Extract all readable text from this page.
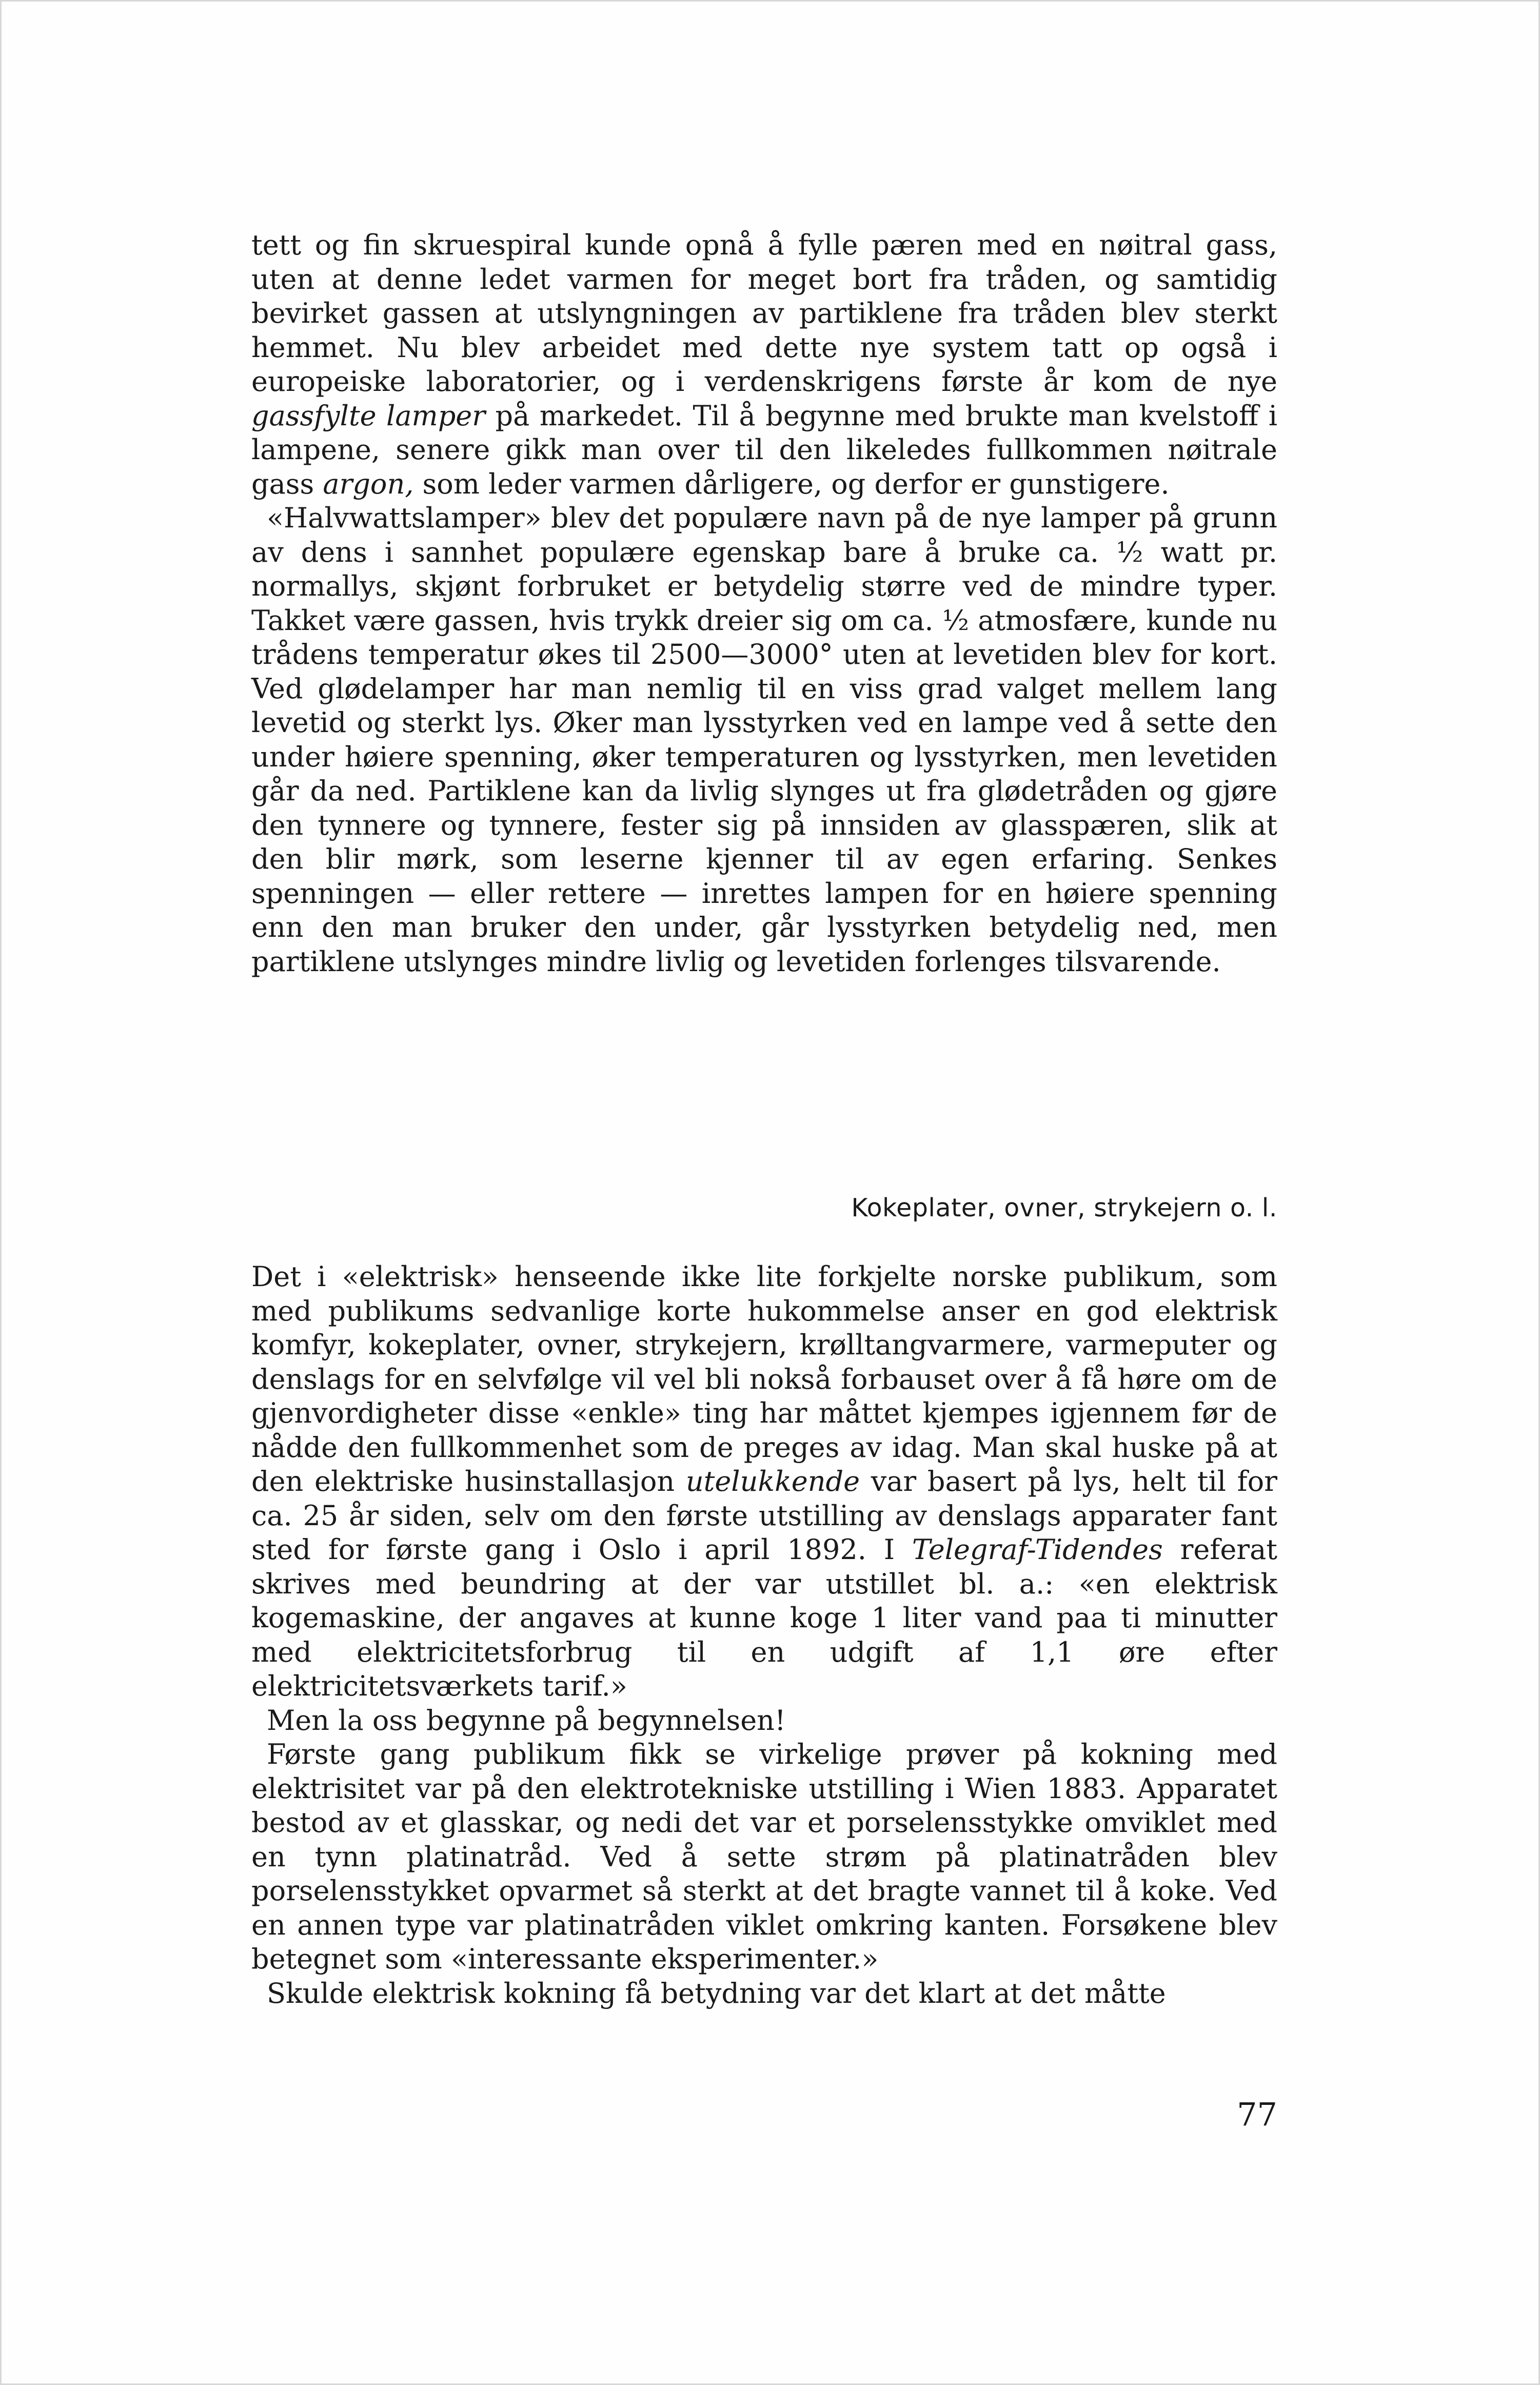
tett og fin skruespiral kunde opnå å fylle pæren med en nøitral gass, uten at denne ledet varmen for meget bort fra tråden, og samtidig bevirket gassen at utslyngningen av partiklene fra tråden blev sterkt hemmet. Nu blev arbeidet med dette nye system tatt op også i europeiske laboratorier, og i verdenskrigens første år kom de nye gassfylte lamper på markedet. Til å begynne med brukte man kvelstoff i lampene, senere gikk man over til den likeledes fullkommen nøitrale gass argon, som leder varmen dårligere, og derfor er gunstigere.

«Halvwattslamper» blev det populære navn på de nye lamper på grunn av dens i sannhet populære egenskap bare å bruke ca. ½ watt pr. normallys, skjønt forbruket er betydelig større ved de mindre typer. Takket være gassen, hvis trykk dreier sig om ca. ½ atmosfære, kunde nu trådens temperatur økes til 2500—3000° uten at levetiden blev for kort. Ved glødelamper har man nemlig til en viss grad valget mellem lang levetid og sterkt lys. Øker man lysstyrken ved en lampe ved å sette den under høiere spenning, øker temperaturen og lysstyrken, men levetiden går da ned. Partiklene kan da livlig slynges ut fra glødetråden og gjøre den tynnere og tynnere, fester sig på innsiden av glasspæren, slik at den blir mørk, som leserne kjenner til av egen erfaring. Senkes spenningen — eller rettere — inrettes lampen for en høiere spenning enn den man bruker den under, går lysstyrken betydelig ned, men partiklene utslynges mindre livlig og levetiden forlenges tilsvarende.

Kokeplater, ovner, strykejern o. l.

Det i «elektrisk» henseende ikke lite forkjelte norske publikum, som med publikums sedvanlige korte hukommelse anser en god elektrisk komfyr, kokeplater, ovner, strykejern, krølltangvarmere, varmeputer og denslags for en selvfølge vil vel bli nokså forbauset over å få høre om de gjenvordigheter disse «enkle» ting har måttet kjempes igjennem før de nådde den fullkommenhet som de preges av idag. Man skal huske på at den elektriske husinstallasjon utelukkende var basert på lys, helt til for ca. 25 år siden, selv om den første utstilling av denslags apparater fant sted for første gang i Oslo i april 1892. I Telegraf-Tidendes referat skrives med beundring at der var utstillet bl. a.: «en elektrisk kogemaskine, der angaves at kunne koge 1 liter vand paa ti minutter med elektricitetsforbrug til en udgift af 1,1 øre efter elektricitetsværkets tarif.»

Men la oss begynne på begynnelsen!

Første gang publikum fikk se virkelige prøver på kokning med elektrisitet var på den elektrotekniske utstilling i Wien 1883. Apparatet bestod av et glasskar, og nedi det var et porselensstykke omviklet med en tynn platinatråd. Ved å sette strøm på platinatråden blev porselensstykket opvarmet så sterkt at det bragte vannet til å koke. Ved en annen type var platinatråden viklet omkring kanten. Forsøkene blev betegnet som «interessante eksperimenter.»

Skulde elektrisk kokning få betydning var det klart at det måtte

77
